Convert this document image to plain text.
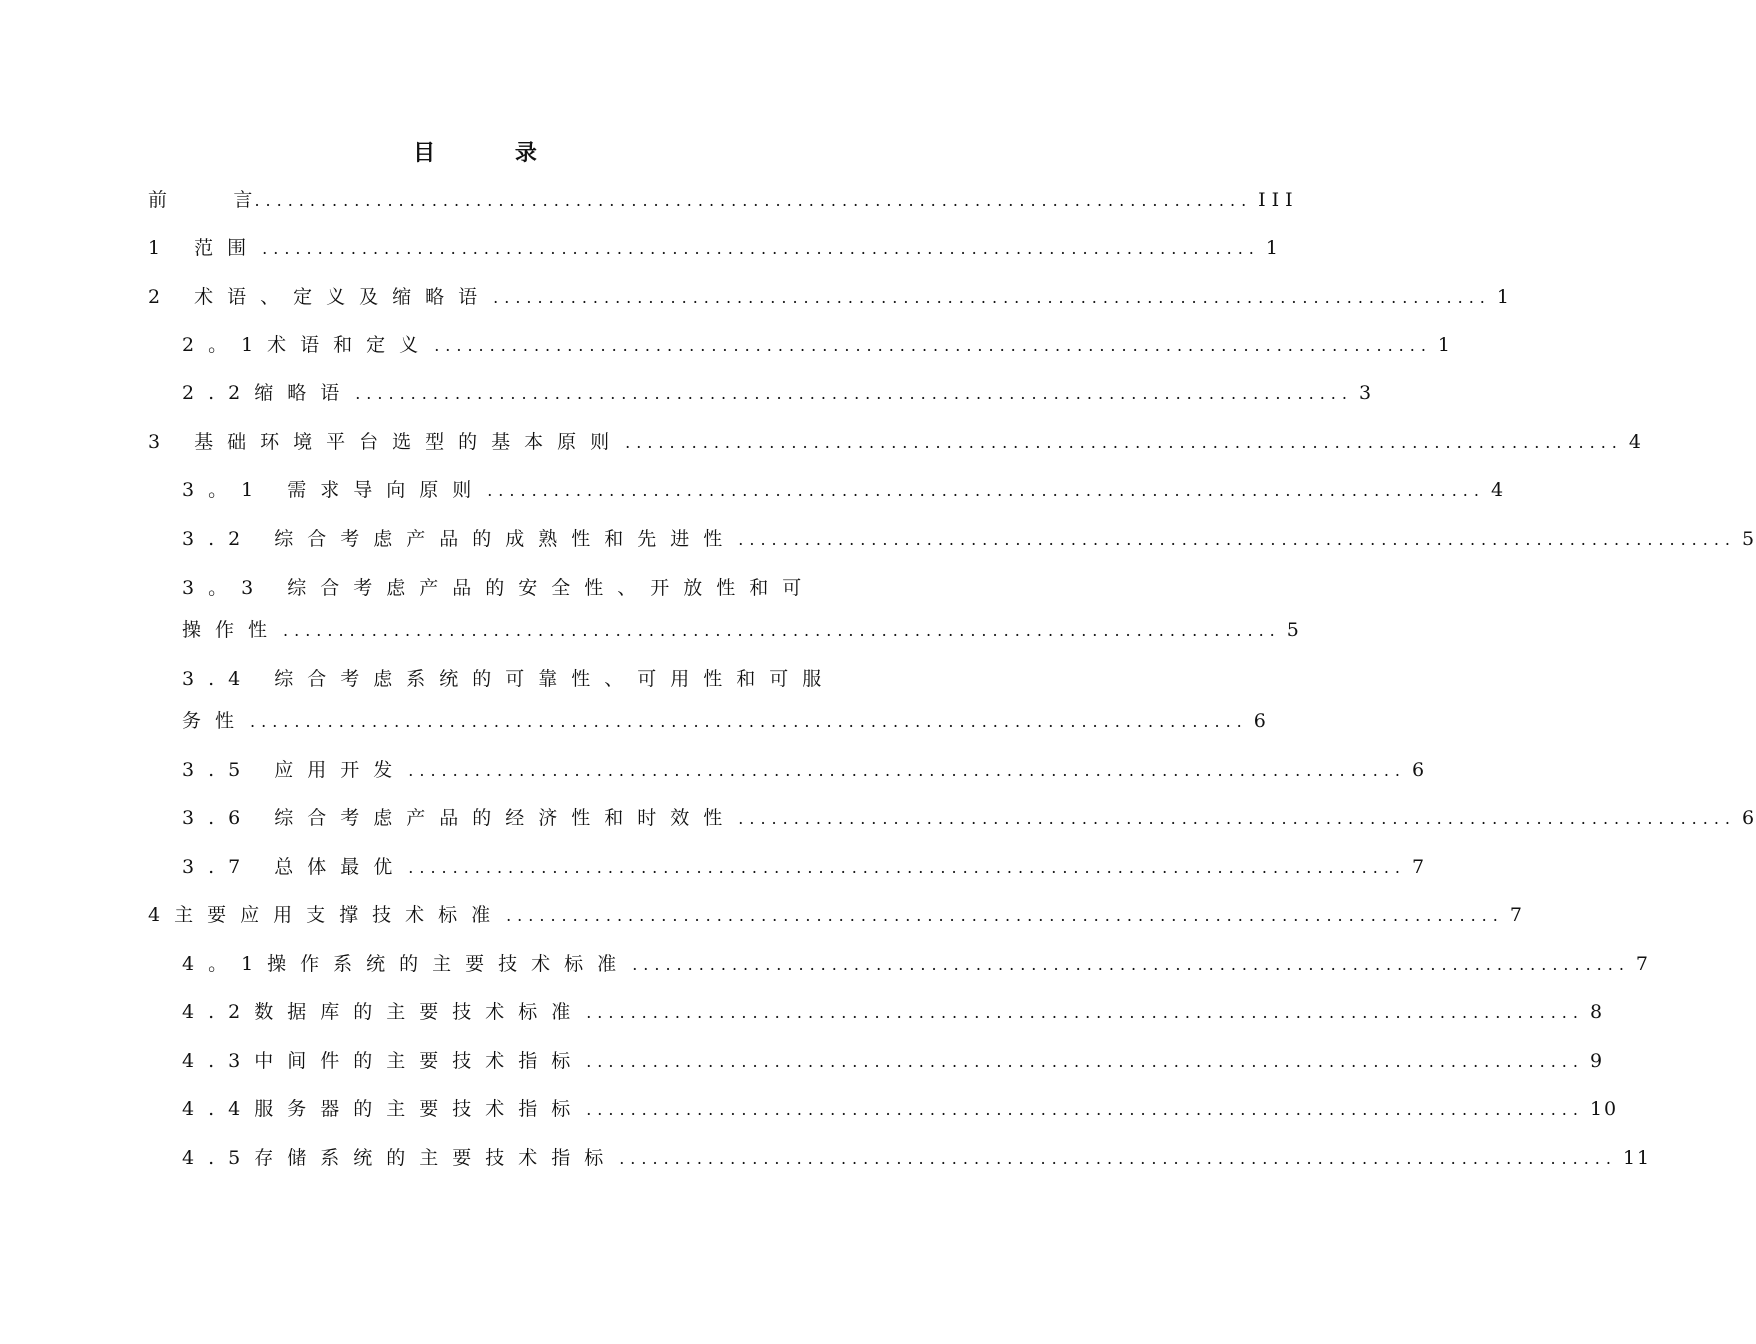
目 录
前           言 .......................................................................................... III
1 范围 .......................................................................................... 1
2 术语、定义及缩略语 .......................................................................................... 1
2。1术语和定义 .......................................................................................... 1
2.2缩略语 .......................................................................................... 3
3 基础环境平台选型的基本原则 .......................................................................................... 4
3。1 需求导向原则 .......................................................................................... 4
3.2 综合考虑产品的成熟性和先进性 .......................................................................................... 5
3。3 综合考虑产品的安全性、开放性和可
操作性 .......................................................................................... 5
3.4 综合考虑系统的可靠性、可用性和可服
务性 .......................................................................................... 6
3.5 应用开发 .......................................................................................... 6
3.6 综合考虑产品的经济性和时效性 .......................................................................................... 6
3.7 总体最优 .......................................................................................... 7
4主要应用支撑技术标准 .......................................................................................... 7
4。1操作系统的主要技术标准 .......................................................................................... 7
4.2数据库的主要技术标准 .......................................................................................... 8
4.3中间件的主要技术指标 .......................................................................................... 9
4.4服务器的主要技术指标 .......................................................................................... 10
4.5存储系统的主要技术指标 .......................................................................................... 11
